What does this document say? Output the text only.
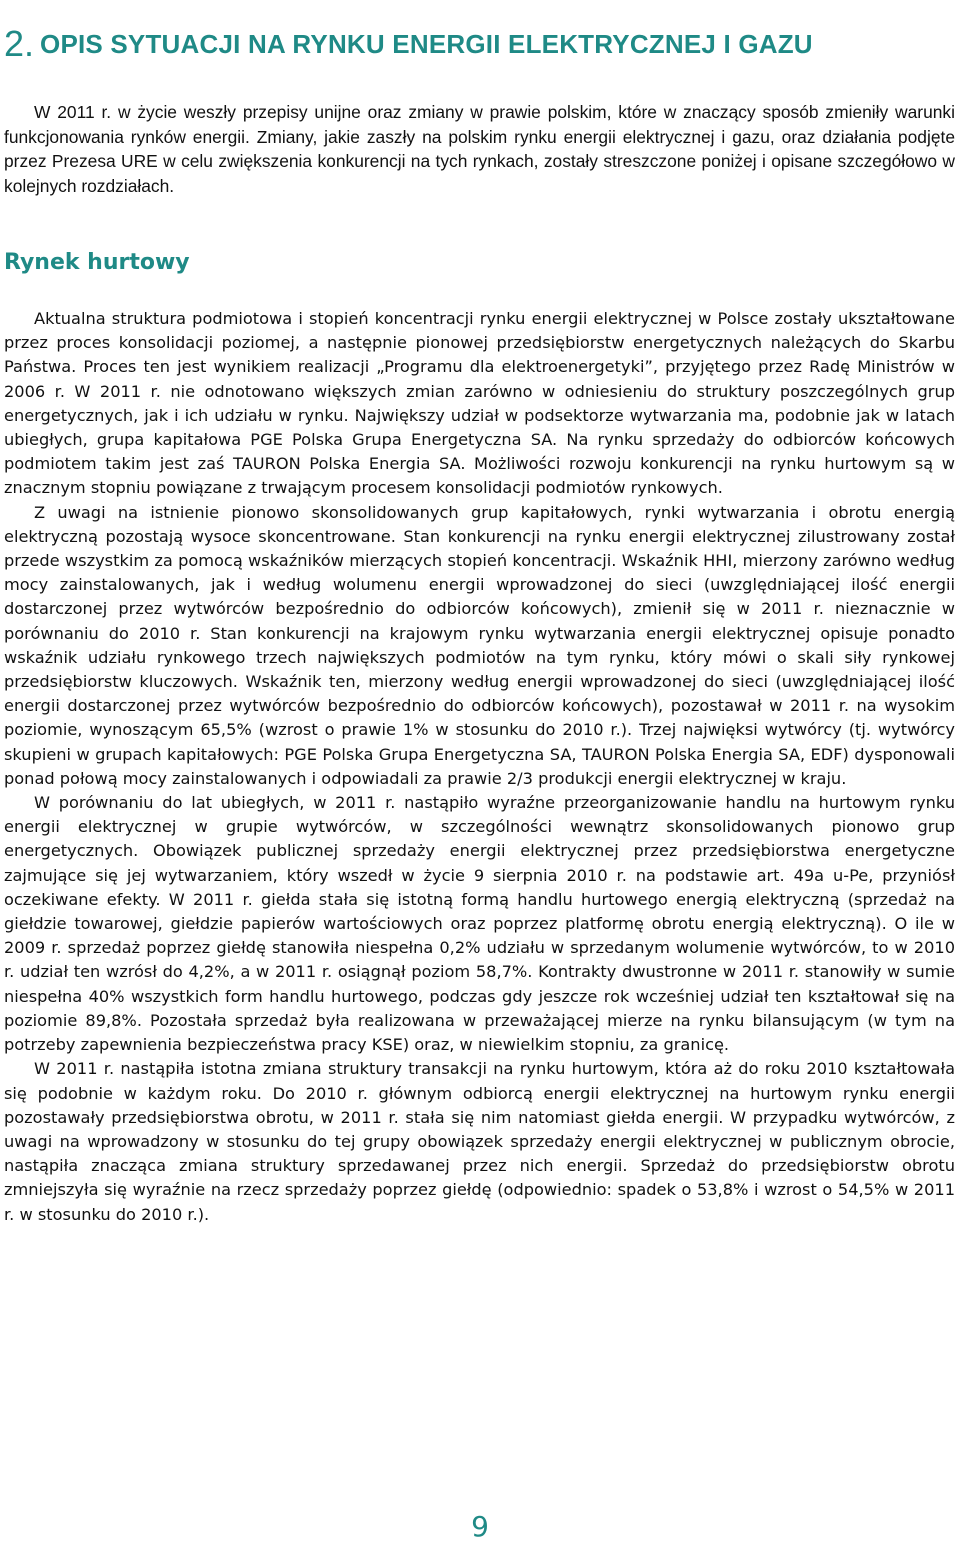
2. OPIS SYTUACJI NA RYNKU ENERGII ELEKTRYCZNEJ I GAZU

W 2011 r. w życie weszły przepisy unijne oraz zmiany w prawie polskim, które w znaczący sposób zmieniły warunki funkcjonowania rynków energii. Zmiany, jakie zaszły na polskim rynku energii elektrycznej i gazu, oraz działania podjęte przez Prezesa URE w celu zwiększenia konkurencji na tych rynkach, zostały streszczone poniżej i opisane szczegółowo w kolejnych rozdziałach.

Rynek hurtowy

Aktualna struktura podmiotowa i stopień koncentracji rynku energii elektrycznej w Polsce zostały ukształtowane przez proces konsolidacji poziomej, a następnie pionowej przedsiębiorstw energetycznych należących do Skarbu Państwa. Proces ten jest wynikiem realizacji „Programu dla elektroenergetyki”, przyjętego przez Radę Ministrów w 2006 r. W 2011 r. nie odnotowano większych zmian zarówno w odniesieniu do struktury poszczególnych grup energetycznych, jak i ich udziału w rynku. Największy udział w podsektorze wytwarzania ma, podobnie jak w latach ubiegłych, grupa kapitałowa PGE Polska Grupa Energetyczna SA. Na rynku sprzedaży do odbiorców końcowych podmiotem takim jest zaś TAURON Polska Energia SA. Możliwości rozwoju konkurencji na rynku hurtowym są w znacznym stopniu powiązane z trwającym procesem konsolidacji podmiotów rynkowych.

Z uwagi na istnienie pionowo skonsolidowanych grup kapitałowych, rynki wytwarzania i obrotu energią elektryczną pozostają wysoce skoncentrowane. Stan konkurencji na rynku energii elektrycznej zilustrowany został przede wszystkim za pomocą wskaźników mierzących stopień koncentracji. Wskaźnik HHI, mierzony zarówno według mocy zainstalowanych, jak i według wolumenu energii wprowadzonej do sieci (uwzględniającej ilość energii dostarczonej przez wytwórców bezpośrednio do odbiorców końcowych), zmienił się w 2011 r. nieznacznie w porównaniu do 2010 r. Stan konkurencji na krajowym rynku wytwarzania energii elektrycznej opisuje ponadto wskaźnik udziału rynkowego trzech największych podmiotów na tym rynku, który mówi o skali siły rynkowej przedsiębiorstw kluczowych. Wskaźnik ten, mierzony według energii wprowadzonej do sieci (uwzględniającej ilość energii dostarczonej przez wytwórców bezpośrednio do odbiorców końcowych), pozostawał w 2011 r. na wysokim poziomie, wynoszącym 65,5% (wzrost o prawie 1% w stosunku do 2010 r.). Trzej najwięksi wytwórcy (tj. wytwórcy skupieni w grupach kapitałowych: PGE Polska Grupa Energetyczna SA, TAURON Polska Energia SA, EDF) dysponowali ponad połową mocy zainstalowanych i odpowiadali za prawie 2/3 produkcji energii elektrycznej w kraju.

W porównaniu do lat ubiegłych, w 2011 r. nastąpiło wyraźne przeorganizowanie handlu na hurtowym rynku energii elektrycznej w grupie wytwórców, w szczególności wewnątrz skonsolidowanych pionowo grup energetycznych. Obowiązek publicznej sprzedaży energii elektrycznej przez przedsiębiorstwa energetyczne zajmujące się jej wytwarzaniem, który wszedł w życie 9 sierpnia 2010 r. na podstawie art. 49a u-Pe, przyniósł oczekiwane efekty. W 2011 r. giełda stała się istotną formą handlu hurtowego energią elektryczną (sprzedaż na giełdzie towarowej, giełdzie papierów wartościowych oraz poprzez platformę obrotu energią elektryczną). O ile w 2009 r. sprzedaż poprzez giełdę stanowiła niespełna 0,2% udziału w sprzedanym wolumenie wytwórców, to w 2010 r. udział ten wzrósł do 4,2%, a w 2011 r. osiągnął poziom 58,7%. Kontrakty dwustronne w 2011 r. stanowiły w sumie niespełna 40% wszystkich form handlu hurtowego, podczas gdy jeszcze rok wcześniej udział ten kształtował się na poziomie 89,8%. Pozostała sprzedaż była realizowana w przeważającej mierze na rynku bilansującym (w tym na potrzeby zapewnienia bezpieczeństwa pracy KSE) oraz, w niewielkim stopniu, za granicę.

W 2011 r. nastąpiła istotna zmiana struktury transakcji na rynku hurtowym, która aż do roku 2010 kształtowała się podobnie w każdym roku. Do 2010 r. głównym odbiorcą energii elektrycznej na hurtowym rynku energii pozostawały przedsiębiorstwa obrotu, w 2011 r. stała się nim natomiast giełda energii. W przypadku wytwórców, z uwagi na wprowadzony w stosunku do tej grupy obowiązek sprzedaży energii elektrycznej w publicznym obrocie, nastąpiła znacząca zmiana struktury sprzedawanej przez nich energii. Sprzedaż do przedsiębiorstw obrotu zmniejszyła się wyraźnie na rzecz sprzedaży poprzez giełdę (odpowiednio: spadek o 53,8% i wzrost o 54,5% w 2011 r. w stosunku do 2010 r.).

9
